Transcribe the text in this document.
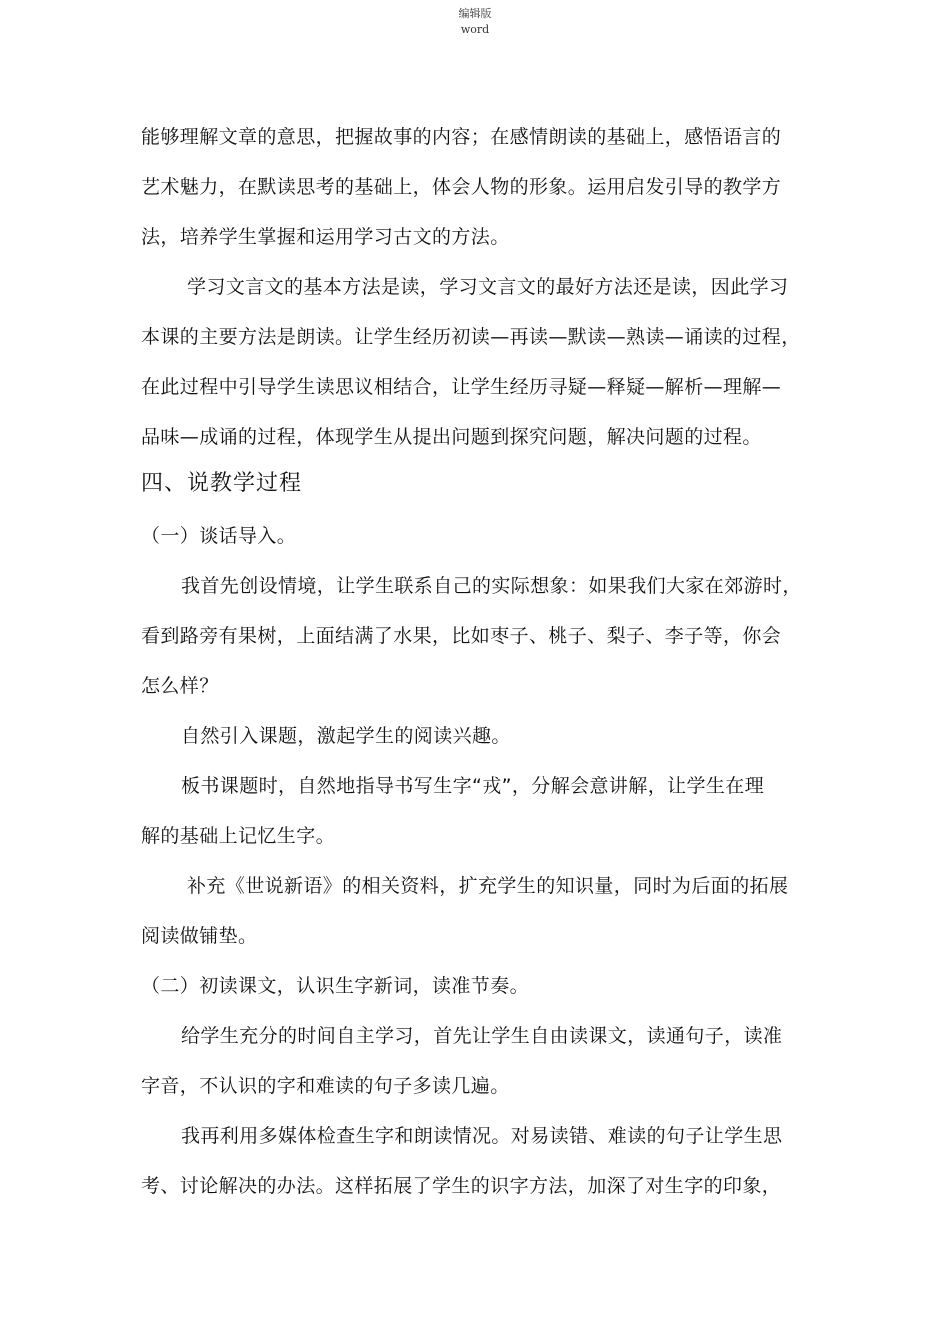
编辑版
word
能够理解文章的意思，把握故事的内容；在感情朗读的基础上，感悟语言的
艺术魅力，在默读思考的基础上，体会人物的形象。运用启发引导的教学方
法，培养学生掌握和运用学习古文的方法。
学习文言文的基本方法是读，学习文言文的最好方法还是读，因此学习
本课的主要方法是朗读。让学生经历初读—再读—默读—熟读—诵读的过程，
在此过程中引导学生读思议相结合，让学生经历寻疑—释疑—解析—理解—
品味—成诵的过程，体现学生从提出问题到探究问题，解决问题的过程。
四、说教学过程
（一）谈话导入。
我首先创设情境，让学生联系自己的实际想象：如果我们大家在郊游时，
看到路旁有果树，上面结满了水果，比如枣子、桃子、梨子、李子等，你会
怎么样？
自然引入课题，激起学生的阅读兴趣。
板书课题时，自然地指导书写生字“戎”，分解会意讲解，让学生在理
解的基础上记忆生字。
补充《世说新语》的相关资料，扩充学生的知识量，同时为后面的拓展
阅读做铺垫。
（二）初读课文，认识生字新词，读准节奏。
给学生充分的时间自主学习，首先让学生自由读课文，读通句子，读准
字音，不认识的字和难读的句子多读几遍。
我再利用多媒体检查生字和朗读情况。对易读错、难读的句子让学生思
考、讨论解决的办法。这样拓展了学生的识字方法，加深了对生字的印象，
